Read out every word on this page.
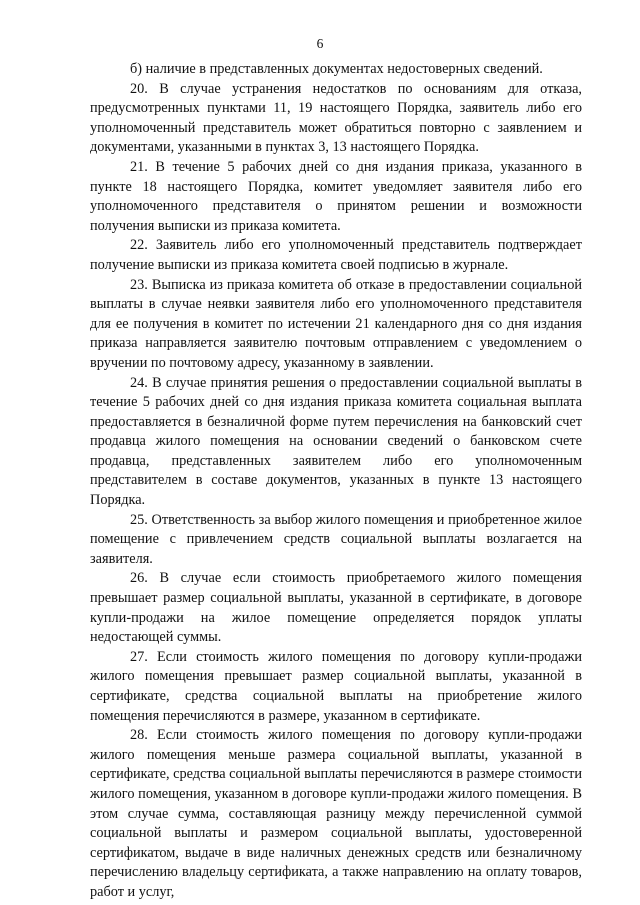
6

б) наличие в представленных документах недостоверных сведений.

20. В случае устранения недостатков по основаниям для отказа, предусмотренных пунктами 11, 19 настоящего Порядка, заявитель либо его уполномоченный представитель может обратиться повторно с заявлением и документами, указанными в пунктах 3, 13 настоящего Порядка.

21. В течение 5 рабочих дней со дня издания приказа, указанного в пункте 18 настоящего Порядка, комитет уведомляет заявителя либо его уполномоченного представителя о принятом решении и возможности получения выписки из приказа комитета.

22. Заявитель либо его уполномоченный представитель подтверждает получение выписки из приказа комитета своей подписью в журнале.

23. Выписка из приказа комитета об отказе в предоставлении социальной выплаты в случае неявки заявителя либо его уполномоченного представителя для ее получения в комитет по истечении 21 календарного дня со дня издания приказа направляется заявителю почтовым отправлением с уведомлением о вручении по почтовому адресу, указанному в заявлении.

24. В случае принятия решения о предоставлении социальной выплаты в течение 5 рабочих дней со дня издания приказа комитета социальная выплата предоставляется в безналичной форме путем перечисления на банковский счет продавца жилого помещения на основании сведений о банковском счете продавца, представленных заявителем либо его уполномоченным представителем в составе документов, указанных в пункте 13 настоящего Порядка.

25. Ответственность за выбор жилого помещения и приобретенное жилое помещение с привлечением средств социальной выплаты возлагается на заявителя.

26. В случае если стоимость приобретаемого жилого помещения превышает размер социальной выплаты, указанной в сертификате, в договоре купли-продажи на жилое помещение определяется порядок уплаты недостающей суммы.

27. Если стоимость жилого помещения по договору купли-продажи жилого помещения превышает размер социальной выплаты, указанной в сертификате, средства социальной выплаты на приобретение жилого помещения перечисляются в размере, указанном в сертификате.

28. Если стоимость жилого помещения по договору купли-продажи жилого помещения меньше размера социальной выплаты, указанной в сертификате, средства социальной выплаты перечисляются в размере стоимости жилого помещения, указанном в договоре купли-продажи жилого помещения. В этом случае сумма, составляющая разницу между перечисленной суммой социальной выплаты и размером социальной выплаты, удостоверенной сертификатом, выдаче в виде наличных денежных средств или безналичному перечислению владельцу сертификата, а также направлению на оплату товаров, работ и услуг,
